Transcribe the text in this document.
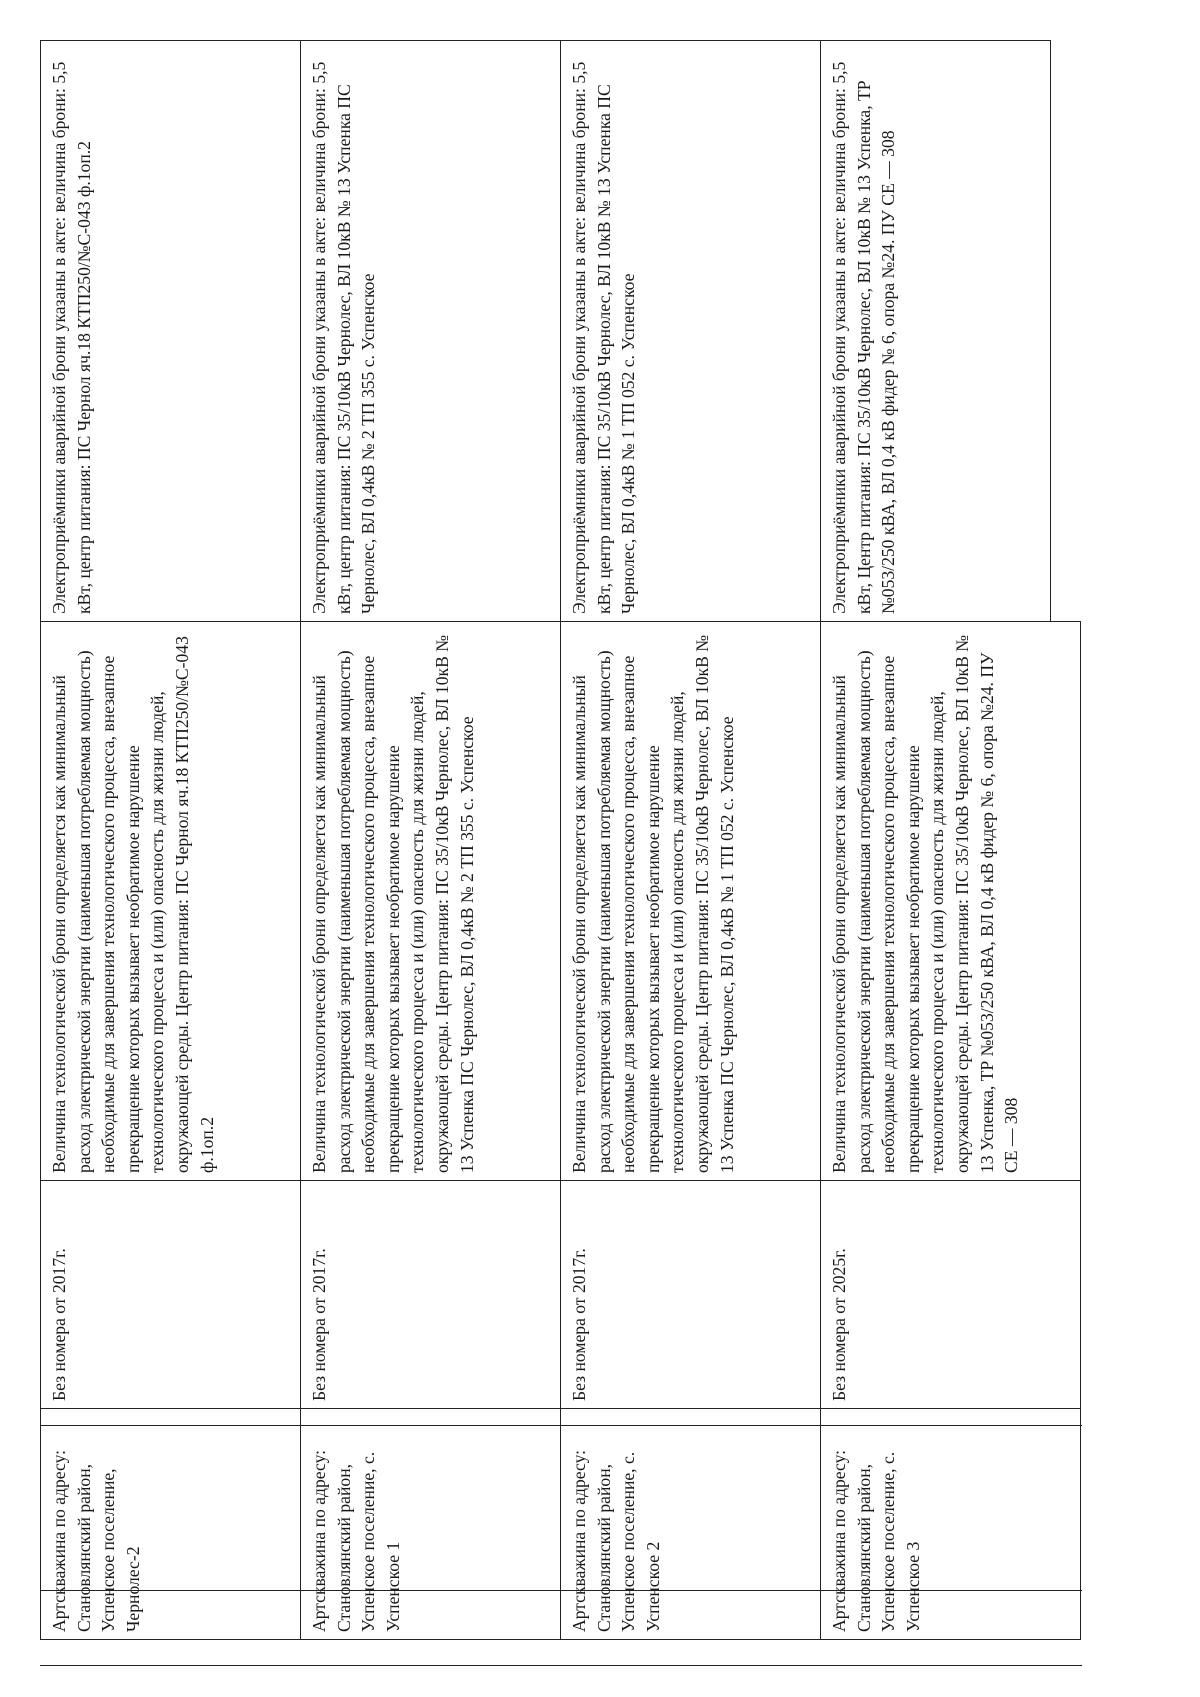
Артскважина по адресу: Становлянский район, Успенское поселение, Чернолес-2
Без номера от 2017г.
Величина технологической брони определяется как минимальный расход электрической энергии (наименьшая потребляемая мощность) необходимые для завершения технологического процесса, внезапное прекращение которых вызывает необратимое нарушение технологического процесса и (или) опасность для жизни людей, окружающей среды. Центр питания: ПС Чернол яч.18 КТП250/№С-043 ф.1оп.2
Электроприёмники аварийной брони указаны в акте: величина брони: 5,5 кВт, центр питания: ПС Чернол яч.18 КТП250/№С-043 ф.1оп.2
Артскважина по адресу: Становлянский район, Успенское поселение, с. Успенское 1
Без номера от 2017г.
Величина технологической брони определяется как минимальный расход электрической энергии (наименьшая потребляемая мощность) необходимые для завершения технологического процесса, внезапное прекращение которых вызывает необратимое нарушение технологического процесса и (или) опасность для жизни людей, окружающей среды. Центр питания: ПС 35/10кВ Чернолес, ВЛ 10кВ № 13 Успенка ПС Чернолес, ВЛ 0,4кВ № 2 ТП 355 с. Успенское
Электроприёмники аварийной брони указаны в акте: величина брони: 5,5 кВт, центр питания: ПС 35/10кВ Чернолес, ВЛ 10кВ № 13 Успенка ПС Чернолес, ВЛ 0,4кВ № 2 ТП 355 с. Успенское
Артскважина по адресу: Становлянский район, Успенское поселение, с. Успенское 2
Без номера от 2017г.
Величина технологической брони определяется как минимальный расход электрической энергии (наименьшая потребляемая мощность) необходимые для завершения технологического процесса, внезапное прекращение которых вызывает необратимое нарушение технологического процесса и (или) опасность для жизни людей, окружающей среды. Центр питания: ПС 35/10кВ Чернолес, ВЛ 10кВ № 13 Успенка ПС Чернолес, ВЛ 0,4кВ № 1 ТП 052 с. Успенское
Электроприёмники аварийной брони указаны в акте: величина брони: 5,5 кВт, центр питания: ПС 35/10кВ Чернолес, ВЛ 10кВ № 13 Успенка ПС Чернолес, ВЛ 0,4кВ № 1 ТП 052 с. Успенское
Артскважина по адресу: Становлянский район, Успенское поселение, с. Успенское 3
Без номера от 2025г.
Величина технологической брони определяется как минимальный расход электрической энергии (наименьшая потребляемая мощность) необходимые для завершения технологического процесса, внезапное прекращение которых вызывает необратимое нарушение технологического процесса и (или) опасность для жизни людей, окружающей среды. Центр питания: ПС 35/10кВ Чернолес, ВЛ 10кВ № 13 Успенка, ТР №053/250 кВА, ВЛ 0,4 кВ фидер № 6, опора №24. ПУ СЕ — 308
Электроприёмники аварийной брони указаны в акте: величина брони: 5,5 кВт, Центр питания: ПС 35/10кВ Чернолес, ВЛ 10кВ № 13 Успенка, ТР №053/250 кВА, ВЛ 0,4 кВ фидер № 6, опора №24. ПУ СЕ — 308
